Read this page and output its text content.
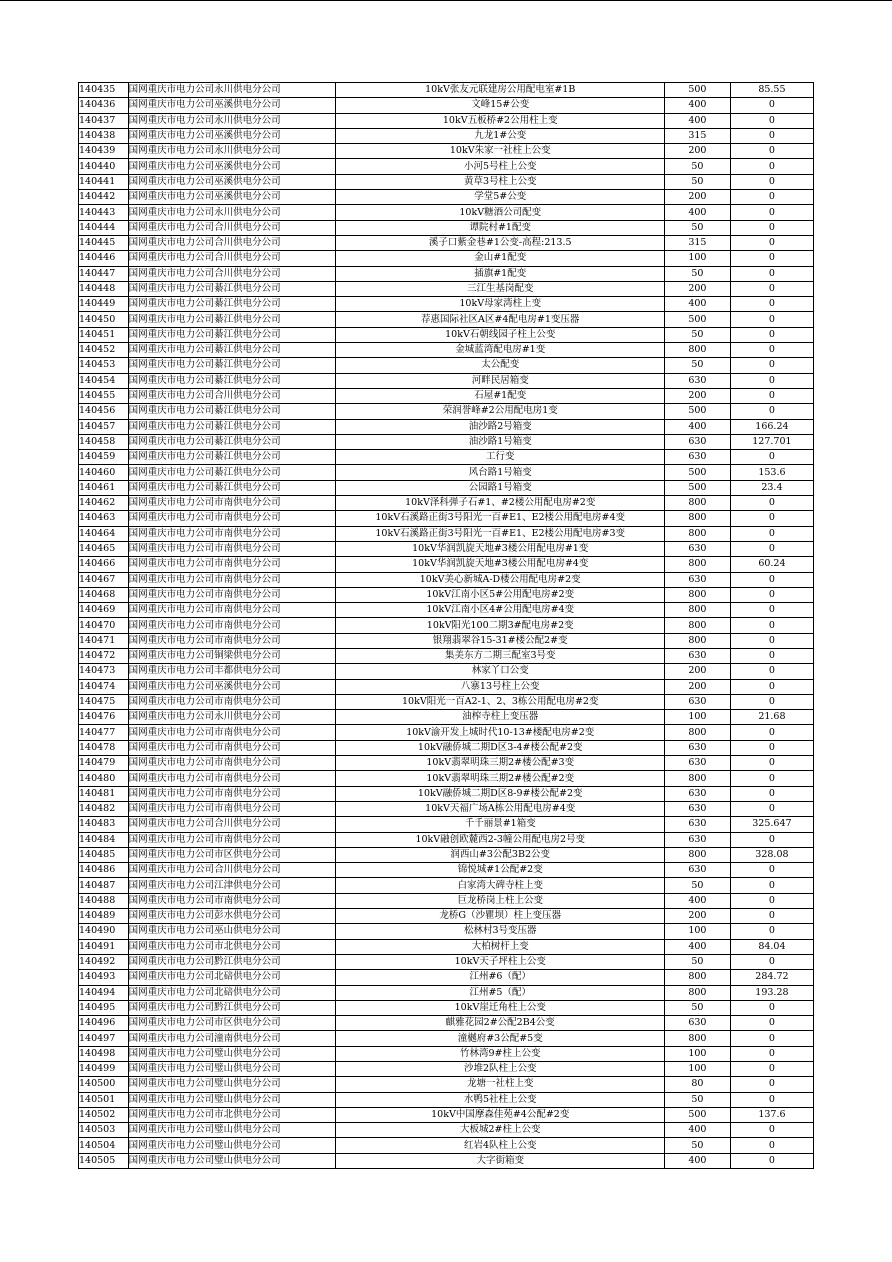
140435	国网重庆市电力公司永川供电分公司	10kV张友元联建房公用配电室#1B	500	85.55
140436	国网重庆市电力公司巫溪供电分公司	文峰15#公变	400	0
140437	国网重庆市电力公司永川供电分公司	10kV五板桥#2公用柱上变	400	0
140438	国网重庆市电力公司巫溪供电分公司	九龙1#公变	315	0
140439	国网重庆市电力公司永川供电分公司	10kV朱家一社柱上公变	200	0
140440	国网重庆市电力公司巫溪供电分公司	小河5号柱上公变	50	0
140441	国网重庆市电力公司巫溪供电分公司	黄草3号柱上公变	50	0
140442	国网重庆市电力公司巫溪供电分公司	学堂5#公变	200	0
140443	国网重庆市电力公司永川供电分公司	10kV糖酒公司配变	400	0
140444	国网重庆市电力公司合川供电分公司	谭院村#1配变	50	0
140445	国网重庆市电力公司合川供电分公司	溪子口紫金巷#1公变-高程:213.5	315	0
140446	国网重庆市电力公司合川供电分公司	金山#1配变	100	0
140447	国网重庆市电力公司合川供电分公司	插旗#1配变	50	0
140448	国网重庆市电力公司綦江供电分公司	三江生基岗配变	200	0
140449	国网重庆市电力公司綦江供电分公司	10kV母家湾柱上变	400	0
140450	国网重庆市电力公司綦江供电分公司	荐惠国际社区A区#4配电房#1变压器	500	0
140451	国网重庆市电力公司綦江供电分公司	10kV石朝线园子柱上公变	50	0
140452	国网重庆市电力公司綦江供电分公司	金城蓝湾配电房#1变	800	0
140453	国网重庆市电力公司綦江供电分公司	太公配变	50	0
140454	国网重庆市电力公司綦江供电分公司	河畔民居箱变	630	0
140455	国网重庆市电力公司合川供电分公司	石屋#1配变	200	0
140456	国网重庆市电力公司綦江供电分公司	荣润誉峰#2公用配电房1变	500	0
140457	国网重庆市电力公司綦江供电分公司	油沙路2号箱变	400	166.24
140458	国网重庆市电力公司綦江供电分公司	油沙路1号箱变	630	127.701
140459	国网重庆市电力公司綦江供电分公司	工行变	630	0
140460	国网重庆市电力公司綦江供电分公司	风台路1号箱变	500	153.6
140461	国网重庆市电力公司綦江供电分公司	公园路1号箱变	500	23.4
140462	国网重庆市电力公司市南供电分公司	10kV泽科弹子石#1、#2楼公用配电房#2变	800	0
140463	国网重庆市电力公司市南供电分公司	10kV石溪路正街3号阳光一百#E1、E2楼公用配电房#4变	800	0
140464	国网重庆市电力公司市南供电分公司	10kV石溪路正街3号阳光一百#E1、E2楼公用配电房#3变	800	0
140465	国网重庆市电力公司市南供电分公司	10kV华润凯旋天地#3楼公用配电房#1变	630	0
140466	国网重庆市电力公司市南供电分公司	10kV华润凯旋天地#3楼公用配电房#4变	800	60.24
140467	国网重庆市电力公司市南供电分公司	10kV美心新城A-D楼公用配电房#2变	630	0
140468	国网重庆市电力公司市南供电分公司	10kV江南小区5#公用配电房#2变	800	0
140469	国网重庆市电力公司市南供电分公司	10kV江南小区4#公用配电房#4变	800	0
140470	国网重庆市电力公司市南供电分公司	10kV阳光100二期3#配电房#2变	800	0
140471	国网重庆市电力公司市南供电分公司	银翔翡翠谷15-31#楼公配2#变	800	0
140472	国网重庆市电力公司铜梁供电分公司	集美东方二期三配室3号变	630	0
140473	国网重庆市电力公司丰都供电分公司	林家丫口公变	200	0
140474	国网重庆市电力公司巫溪供电分公司	八寨13号柱上公变	200	0
140475	国网重庆市电力公司市南供电分公司	10kV阳光一百A2-1、2、3栋公用配电房#2变	630	0
140476	国网重庆市电力公司永川供电分公司	油榨寺柱上变压器	100	21.68
140477	国网重庆市电力公司市南供电分公司	10kV渝开发上城时代10-13#楼配电房#2变	800	0
140478	国网重庆市电力公司市南供电分公司	10kV融侨城二期D区3-4#楼公配#2变	630	0
140479	国网重庆市电力公司市南供电分公司	10kV翡翠明珠三期2#楼公配#3变	630	0
140480	国网重庆市电力公司市南供电分公司	10kV翡翠明珠三期2#楼公配#2变	800	0
140481	国网重庆市电力公司市南供电分公司	10kV融侨城二期D区8-9#楼公配#2变	630	0
140482	国网重庆市电力公司市南供电分公司	10kV天福广场A栋公用配电房#4变	630	0
140483	国网重庆市电力公司合川供电分公司	千千丽景#1箱变	630	325.647
140484	国网重庆市电力公司市南供电分公司	10kV融创欧麓西2-3幢公用配电房2号变	630	0
140485	国网重庆市电力公司市区供电分公司	润西山#3公配3B2公变	800	328.08
140486	国网重庆市电力公司合川供电分公司	锦悦城#1公配#2变	630	0
140487	国网重庆市电力公司江津供电分公司	白家湾大碑寺柱上变	50	0
140488	国网重庆市电力公司市南供电分公司	巨龙桥岗上柱上公变	400	0
140489	国网重庆市电力公司彭水供电分公司	龙桥G（沙瞿坝）柱上变压器	200	0
140490	国网重庆市电力公司巫山供电分公司	松林村3号变压器	100	0
140491	国网重庆市电力公司市北供电分公司	大柏树杆上变	400	84.04
140492	国网重庆市电力公司黔江供电分公司	10kV天子坪柱上公变	50	0
140493	国网重庆市电力公司北碚供电分公司	江州#6（配）	800	284.72
140494	国网重庆市电力公司北碚供电分公司	江州#5（配）	800	193.28
140495	国网重庆市电力公司黔江供电分公司	10kV崖迁角柱上公变	50	0
140496	国网重庆市电力公司市区供电分公司	麒雅花园2#公配2B4公变	630	0
140497	国网重庆市电力公司潼南供电分公司	潼樾府#3公配#5变	800	0
140498	国网重庆市电力公司璧山供电分公司	竹林湾9#柱上公变	100	0
140499	国网重庆市电力公司璧山供电分公司	沙堆2队柱上公变	100	0
140500	国网重庆市电力公司璧山供电分公司	龙塘一社柱上变	80	0
140501	国网重庆市电力公司璧山供电分公司	水鸭5社柱上公变	50	0
140502	国网重庆市电力公司市北供电分公司	10kV中国摩森佳苑#4公配#2变	500	137.6
140503	国网重庆市电力公司璧山供电分公司	大板城2#柱上公变	400	0
140504	国网重庆市电力公司璧山供电分公司	红岩4队柱上公变	50	0
140505	国网重庆市电力公司璧山供电分公司	大字街箱变	400	0
